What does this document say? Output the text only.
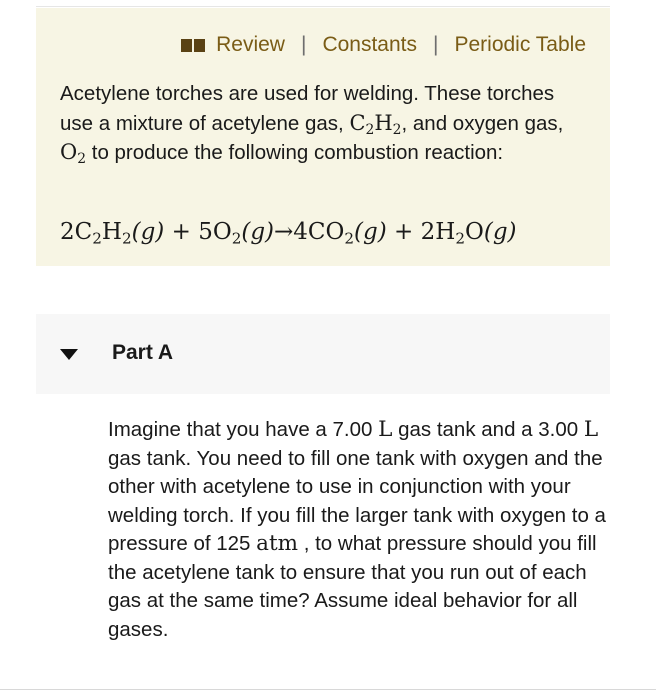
Review | Constants | Periodic Table
Acetylene torches are used for welding. These torches use a mixture of acetylene gas, $C_2H_2$, and oxygen gas, $O_2$ to produce the following combustion reaction:
$2C_2H_2(g) + 5O_2(g)\to 4CO_2(g) + 2H_2O(g)$
Part A
Imagine that you have a 7.00 L gas tank and a 3.00 L gas tank. You need to fill one tank with oxygen and the other with acetylene to use in conjunction with your welding torch. If you fill the larger tank with oxygen to a pressure of 125 atm , to what pressure should you fill the acetylene tank to ensure that you run out of each gas at the same time? Assume ideal behavior for all gases.
